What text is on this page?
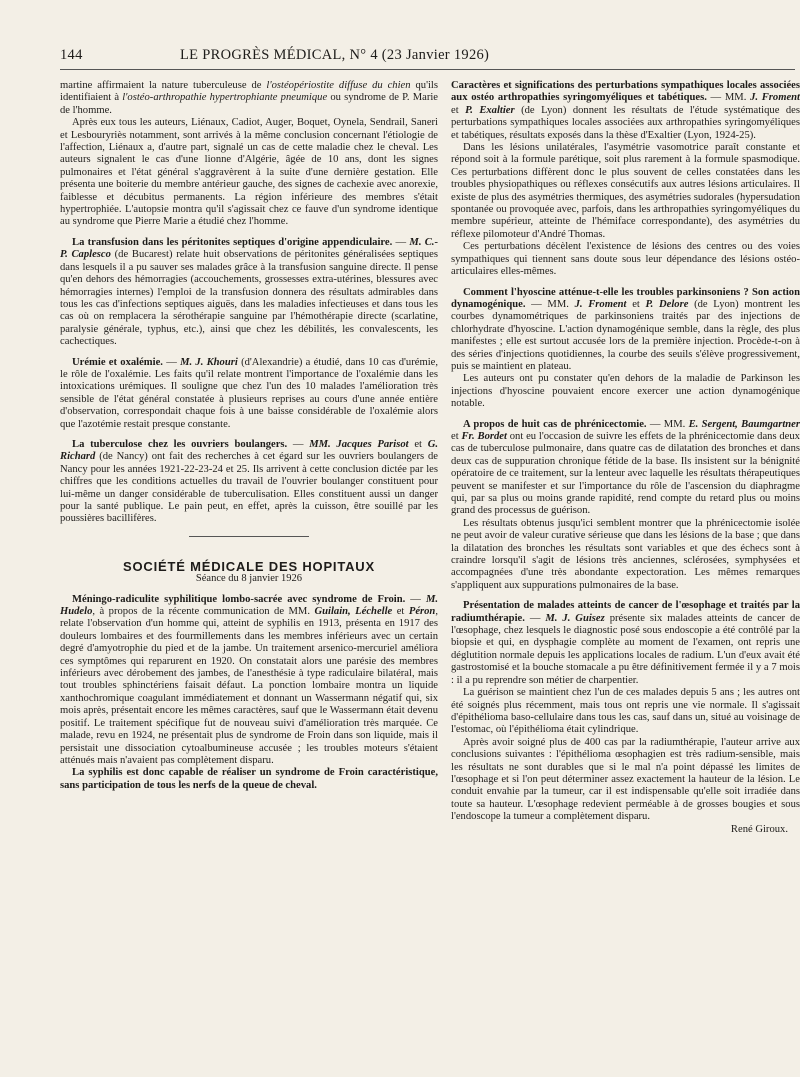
144	LE PROGRÈS MÉDICAL, N° 4 (23 Janvier 1926)

martine affirmaient la nature tuberculeuse de l'ostéopériostite diffuse du chien qu'ils identifiaient à l'ostéo-arthropathie hypertrophiante pneumique ou syndrome de P. Marie de l'homme.

Après eux tous les auteurs, Liénaux, Cadiot, Auger, Boquet, Oynela, Sendrail, Saneri et Lesbouryriès notamment, sont arrivés à la même conclusion concernant l'étiologie de l'affection, Liénaux a, d'autre part, signalé un cas de cette maladie chez le cheval. Les auteurs signalent le cas d'une lionne d'Algérie, âgée de 10 ans, dont les signes pulmonaires et l'état général s'aggravèrent à la suite d'une dernière gestation. Elle présenta une boiterie du membre antérieur gauche, des signes de cachexie avec anorexie, faiblesse et décubitus permanents. La région inférieure des membres s'était hypertrophiée. L'autopsie montra qu'il s'agissait chez ce fauve d'un syndrome identique au syndrome que Pierre Marie a étudié chez l'homme.

La transfusion dans les péritonites septiques d'origine appendiculaire. — M. C.-P. Caplesco (de Bucarest) relate huit observations de péritonites généralisées septiques dans lesquels il a pu sauver ses malades grâce à la transfusion sanguine directe. Il pense qu'en dehors des hémorragies (accouchements, grossesses extra-utérines, blessures avec hémorragies internes) l'emploi de la transfusion donnera des résultats admirables dans tous les cas d'infections septiques aiguës, dans les maladies infectieuses et dans tous les cas où on remplacera la sérothérapie sanguine par l'hémothérapie directe (scarlatine, paralysie générale, typhus, etc.), ainsi que chez les débilités, les convalescents, les cachectiques.

Urémie et oxalémie. — M. J. Khouri (d'Alexandrie) a étudié, dans 10 cas d'urémie, le rôle de l'oxalémie. Les faits qu'il relate montrent l'importance de l'oxalémie dans les intoxications urémiques. Il souligne que chez l'un des 10 malades l'amélioration très sensible de l'état général constatée à plusieurs reprises au cours d'une année entière d'observation, correspondait chaque fois à une baisse considérable de l'oxalémie alors que l'azotémie restait presque constante.

La tuberculose chez les ouvriers boulangers. — MM. Jacques Parisot et G. Richard (de Nancy) ont fait des recherches à cet égard sur les ouvriers boulangers de Nancy pour les années 1921-22-23-24 et 25. Ils arrivent à cette conclusion dictée par les chiffres que les conditions actuelles du travail de l'ouvrier boulanger constituent pour lui-même un danger considérable de tuberculisation. Elles constituent aussi un danger pour la santé publique. Le pain peut, en effet, après la cuisson, être souillé par les poussières bacillifères.

SOCIÉTÉ MÉDICALE DES HOPITAUX

Séance du 8 janvier 1926

Méningo-radiculite syphilitique lombo-sacrée avec syndrome de Froin. — M. Hudelo, à propos de la récente communication de MM. Guilain, Léchelle et Péron, relate l'observation d'un homme qui, atteint de syphilis en 1913, présenta en 1917 des douleurs lombaires et des fourmillements dans les membres inférieurs avec un certain degré d'amyotrophie du pied et de la jambe. Un traitement arsenico-mercuriel améliora ces symptômes qui reparurent en 1920. On constatait alors une parésie des membres inférieurs avec dérobement des jambes, de l'anesthésie à type radiculaire bilatéral, mais tout troubles sphinctériens faisait défaut. La ponction lombaire montra un liquide xanthochromique coagulant immédiatement et donnant un Wassermann négatif qui, six mois après, présentait encore les mêmes caractères, sauf que le Wassermann était devenu positif. Le traitement spécifique fut de nouveau suivi d'amélioration très marquée. Ce malade, revu en 1924, ne présentait plus de syndrome de Froin dans son liquide, mais il persistait une dissociation cytoalbumineuse accusée ; les troubles moteurs s'étaient atténués mais n'avaient pas complètement disparu.

La syphilis est donc capable de réaliser un syndrome de Froin caractéristique, sans participation de tous les nerfs de la queue de cheval.

Caractères et significations des perturbations sympathiques locales associées aux ostéo arthropathies syringomyéliques et tabétiques. — MM. J. Froment et P. Exaltier (de Lyon) donnent les résultats de l'étude systématique des perturbations sympathiques locales associées aux arthropathies syringomyéliques et tabétiques, résultats exposés dans la thèse d'Exaltier (Lyon, 1924-25).

Dans les lésions unilatérales, l'asymétrie vasomotrice paraît constante et répond soit à la formule parétique, soit plus rarement à la formule spasmodique. Ces perturbations diffèrent donc le plus souvent de celles constatées dans les troubles physiopathiques ou réflexes consécutifs aux autres lésions articulaires. Il existe de plus des asymétries thermiques, des asymétries sudorales (hypersudation spontanée ou provoquée avec, parfois, dans les arthropathies syringomyéliques du membre supérieur, atteinte de l'hémiface correspondante), des asymétries du réflexe pilomoteur d'André Thomas.

Ces perturbations décèlent l'existence de lésions des centres ou des voies sympathiques qui tiennent sans doute sous leur dépendance des lésions ostéo-articulaires elles-mêmes.

Comment l'hyoscine atténue-t-elle les troubles parkinsoniens ? Son action dynamogénique. — MM. J. Froment et P. Delore (de Lyon) montrent les courbes dynamométriques de parkinsoniens traités par des injections de chlorhydrate d'hyoscine. L'action dynamogénique semble, dans la règle, des plus manifestes ; elle est surtout accusée lors de la première injection. Procède-t-on à des séries d'injections quotidiennes, la courbe des seuils s'élève progressivement, puis se maintient en plateau.

Les auteurs ont pu constater qu'en dehors de la maladie de Parkinson les injections d'hyoscine pouvaient encore exercer une action dynamogénique notable.

A propos de huit cas de phrénicectomie. — MM. E. Sergent, Baumgartner et Fr. Bordet ont eu l'occasion de suivre les effets de la phrénicectomie dans deux cas de tuberculose pulmonaire, dans quatre cas de dilatation des bronches et dans deux cas de suppuration chronique fétide de la base. Ils insistent sur la bénignité opératoire de ce traitement, sur la lenteur avec laquelle les résultats thérapeutiques peuvent se manifester et sur l'importance du rôle de l'ascension du diaphragme qui, par sa plus ou moins grande rapidité, rend compte du retard plus ou moins grand des processus de guérison.

Les résultats obtenus jusqu'ici semblent montrer que la phrénicectomie isolée ne peut avoir de valeur curative sérieuse que dans les lésions de la base ; que dans la dilatation des bronches les résultats sont variables et que des échecs sont à craindre lorsqu'il s'agit de lésions très anciennes, sclérosées, symphysées et accompagnées d'une très abondante expectoration. Les mêmes remarques s'appliquent aux suppurations pulmonaires de la base.

Présentation de malades atteints de cancer de l'œsophage et traités par la radiumthérapie. — M. J. Guisez présente six malades atteints de cancer de l'œsophage, chez lesquels le diagnostic posé sous endoscopie a été contrôlé par la biopsie et qui, en dysphagie complète au moment de l'examen, ont repris une déglutition normale depuis les applications locales de radium. L'un d'eux avait été gastrostomisé et la bouche stomacale a pu être définitivement fermée il y a 7 mois : il a pu reprendre son métier de charpentier.

La guérison se maintient chez l'un de ces malades depuis 5 ans ; les autres ont été soignés plus récemment, mais tous ont repris une vie normale. Il s'agissait d'épithélioma baso-cellulaire dans tous les cas, sauf dans un, situé au voisinage de l'estomac, où l'épithélioma était cylindrique.

Après avoir soigné plus de 400 cas par la radiumthérapie, l'auteur arrive aux conclusions suivantes : l'épithélioma œsophagien est très radium-sensible, mais les résultats ne sont durables que si le mal n'a point dépassé les limites de l'œsophage et si l'on peut déterminer assez exactement la hauteur de la lésion. Le conduit envahie par la tumeur, car il est indispensable qu'elle soit irradiée dans toute sa hauteur. L'œsophage redevient perméable à de grosses bougies et sous l'endoscope la tumeur a complètement disparu.

René Giroux.
